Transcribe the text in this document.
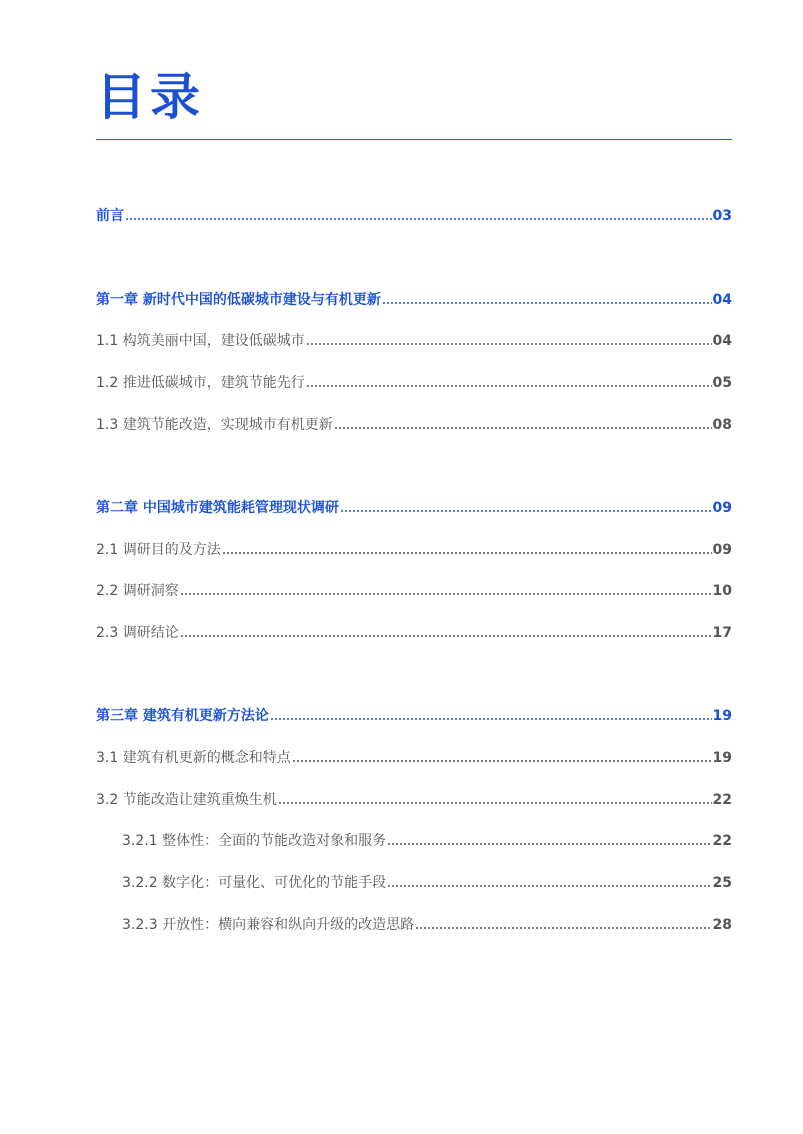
目录
前言	03
第一章 新时代中国的低碳城市建设与有机更新	04
1.1 构筑美丽中国，建设低碳城市	04
1.2 推进低碳城市，建筑节能先行	05
1.3 建筑节能改造，实现城市有机更新	08
第二章 中国城市建筑能耗管理现状调研	09
2.1 调研目的及方法	09
2.2 调研洞察	10
2.3 调研结论	17
第三章 建筑有机更新方法论	19
3.1 建筑有机更新的概念和特点	19
3.2 节能改造让建筑重焕生机	22
3.2.1 整体性：全面的节能改造对象和服务	22
3.2.2 数字化：可量化、可优化的节能手段	25
3.2.3 开放性：横向兼容和纵向升级的改造思路	28
